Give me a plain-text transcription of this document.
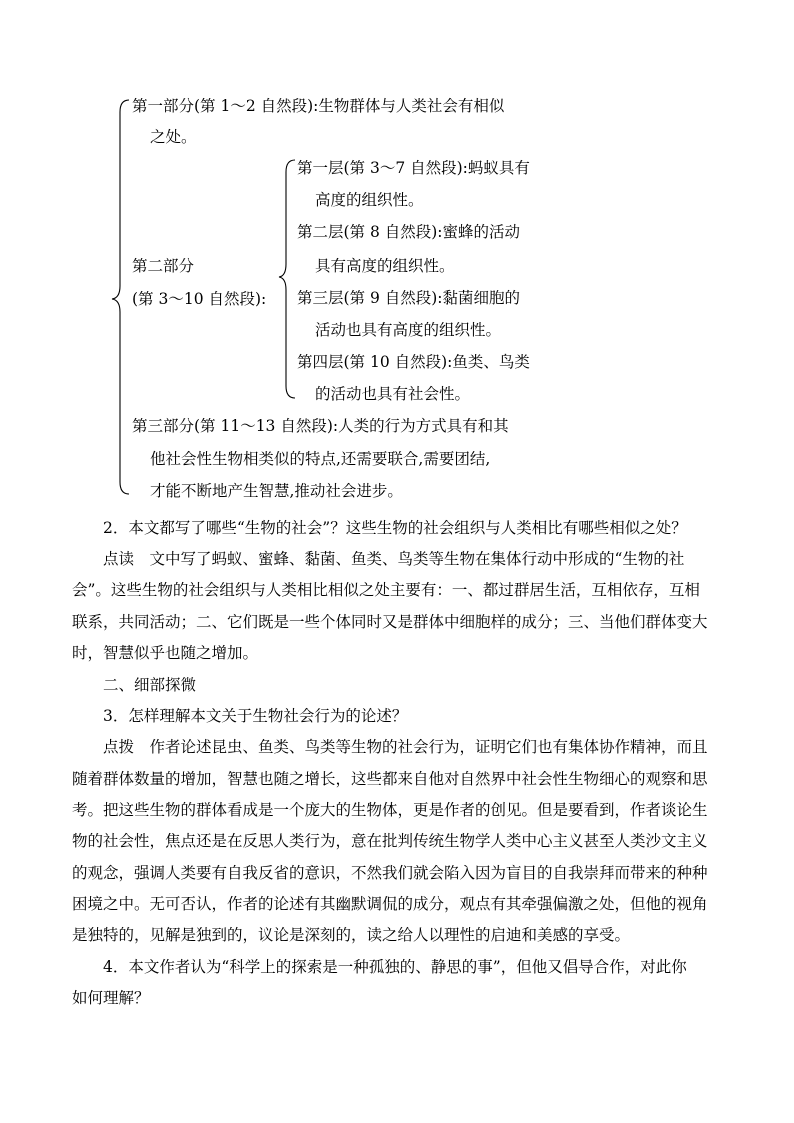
第一部分(第 1～2 自然段):生物群体与人类社会有相似
之处。
第二部分
(第 3～10 自然段):
第一层(第 3～7 自然段):蚂蚁具有
高度的组织性。
第二层(第 8 自然段):蜜蜂的活动
具有高度的组织性。
第三层(第 9 自然段):黏菌细胞的
活动也具有高度的组织性。
第四层(第 10 自然段):鱼类、鸟类
的活动也具有社会性。
第三部分(第 11～13 自然段):人类的行为方式具有和其
他社会性生物相类似的特点,还需要联合,需要团结,
才能不断地产生智慧,推动社会进步。
2．本文都写了哪些“生物的社会”？这些生物的社会组织与人类相比有哪些相似之处？
点读　文中写了蚂蚁、蜜蜂、黏菌、鱼类、鸟类等生物在集体行动中形成的“生物的社
会”。这些生物的社会组织与人类相比相似之处主要有：一、都过群居生活，互相依存，互相
联系，共同活动；二、它们既是一些个体同时又是群体中细胞样的成分；三、当他们群体变大
时，智慧似乎也随之增加。
二、细部探微
3．怎样理解本文关于生物社会行为的论述？
点拨　作者论述昆虫、鱼类、鸟类等生物的社会行为，证明它们也有集体协作精神，而且
随着群体数量的增加，智慧也随之增长，这些都来自他对自然界中社会性生物细心的观察和思
考。把这些生物的群体看成是一个庞大的生物体，更是作者的创见。但是要看到，作者谈论生
物的社会性，焦点还是在反思人类行为，意在批判传统生物学人类中心主义甚至人类沙文主义
的观念，强调人类要有自我反省的意识，不然我们就会陷入因为盲目的自我崇拜而带来的种种
困境之中。无可否认，作者的论述有其幽默调侃的成分，观点有其牵强偏激之处，但他的视角
是独特的，见解是独到的，议论是深刻的，读之给人以理性的启迪和美感的享受。
4．本文作者认为“科学上的探索是一种孤独的、静思的事”，但他又倡导合作，对此你
如何理解？
